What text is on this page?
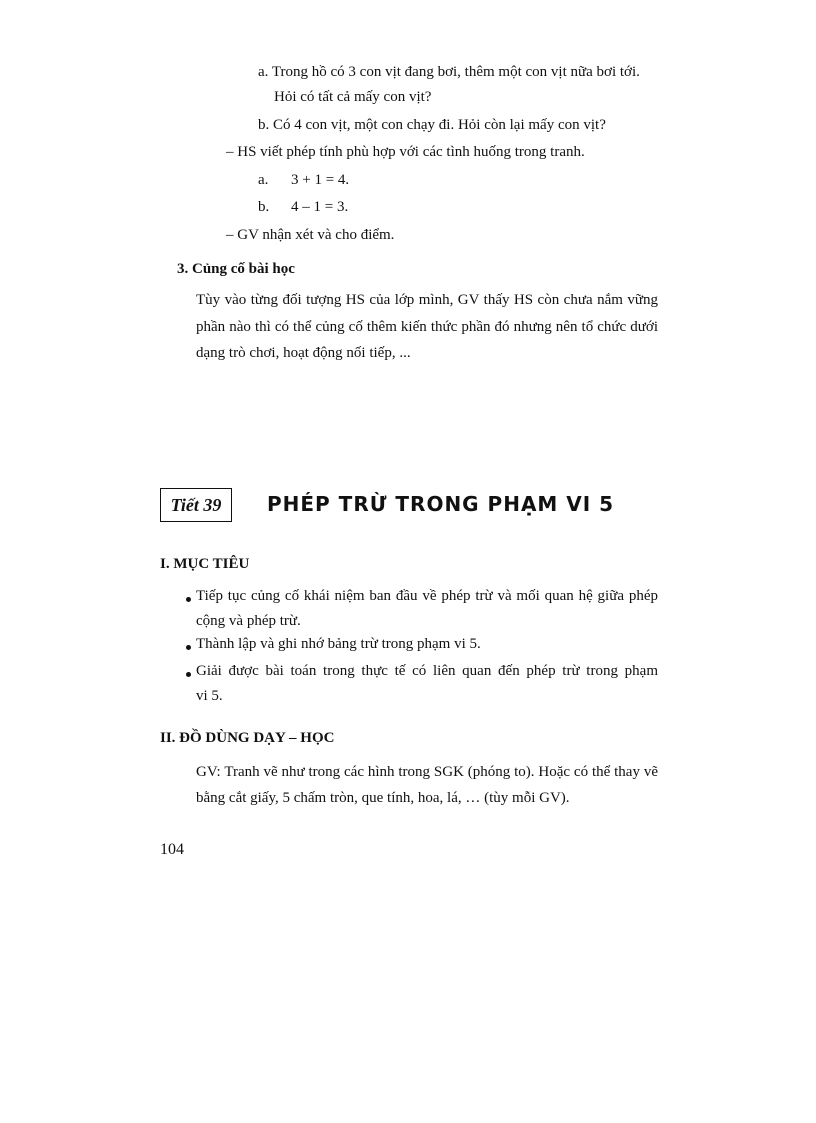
a. Trong hồ có 3 con vịt đang bơi, thêm một con vịt nữa bơi tới.
Hỏi có tất cả mấy con vịt?
b. Có 4 con vịt, một con chạy đi. Hỏi còn lại mấy con vịt?
– HS viết phép tính phù hợp với các tình huống trong tranh.
a. 3 + 1 = 4.
b. 4 – 1 = 3.
– GV nhận xét và cho điểm.
3. Củng cố bài học
Tùy vào từng đối tượng HS của lớp mình, GV thấy HS còn chưa nắm vững
phần nào thì có thể củng cố thêm kiến thức phần đó nhưng nên tổ chức dưới
dạng trò chơi, hoạt động nối tiếp, ...
Tiết 39 PHÉP TRỪ TRONG PHẠM VI 5
I. MỤC TIÊU
Tiếp tục củng cố khái niệm ban đầu về phép trừ và mối quan hệ giữa phép
cộng và phép trừ.
Thành lập và ghi nhớ bảng trừ trong phạm vi 5.
Giải được bài toán trong thực tế có liên quan đến phép trừ trong phạm
vi 5.
II. ĐỒ DÙNG DẠY – HỌC
GV: Tranh vẽ như trong các hình trong SGK (phóng to). Hoặc có thể thay vẽ
bằng cắt giấy, 5 chấm tròn, que tính, hoa, lá, … (tùy mỗi GV).
104
